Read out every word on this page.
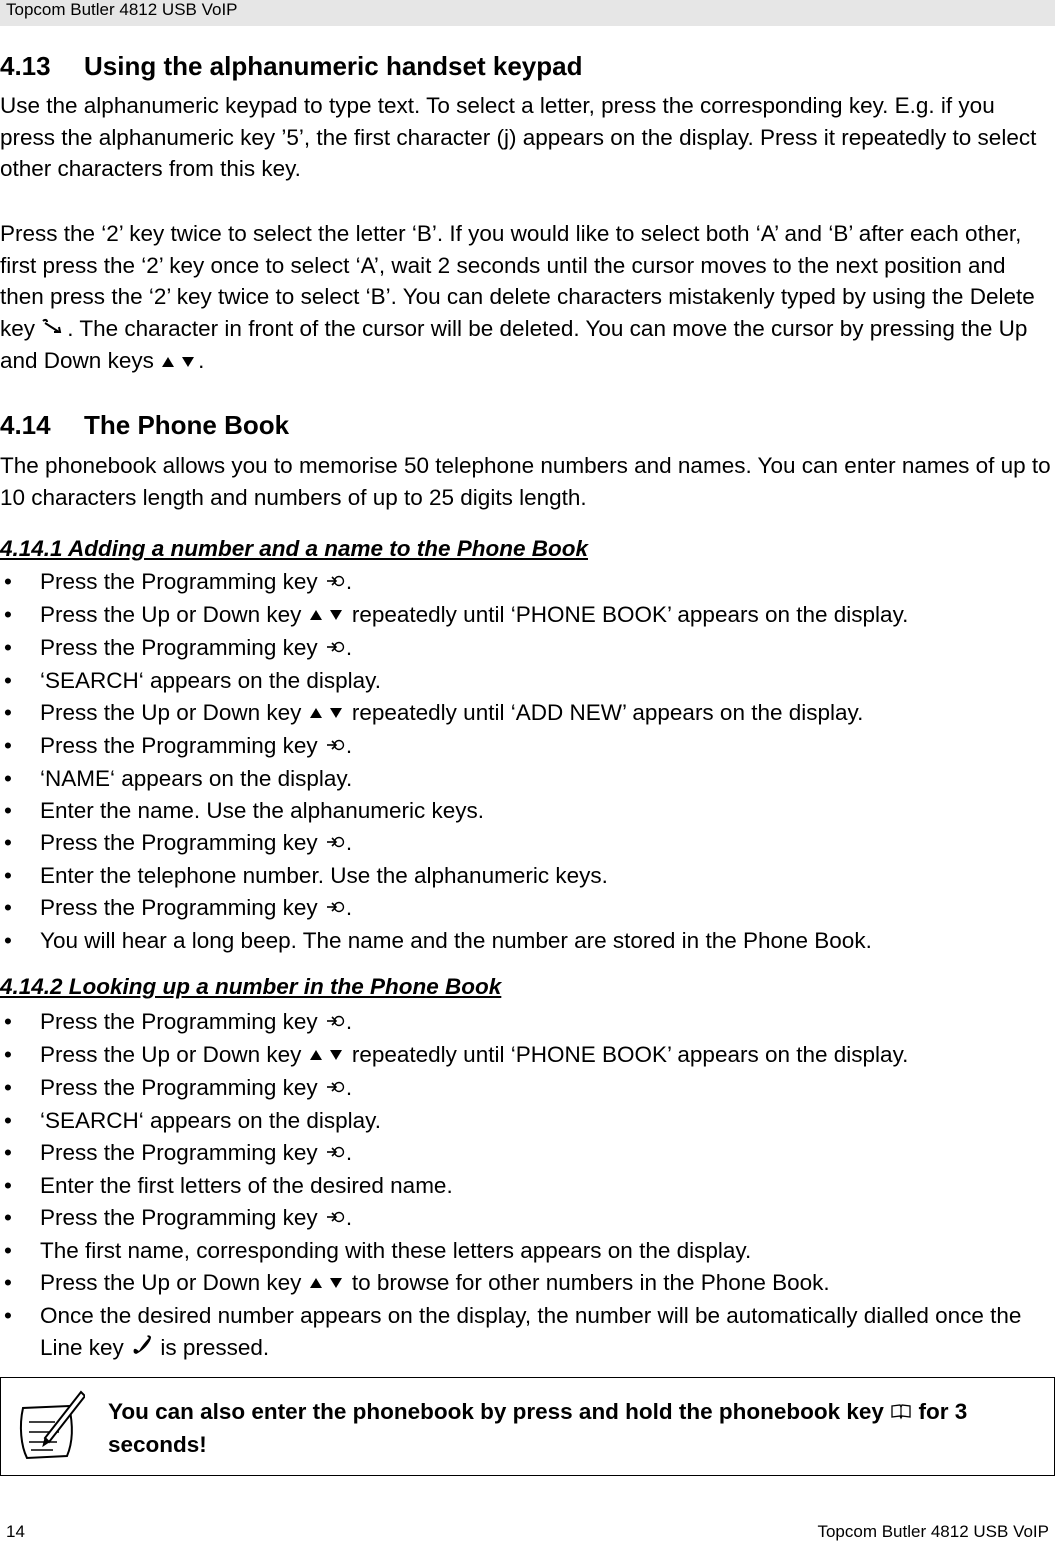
Topcom Butler 4812 USB VoIP
4.13 Using the alphanumeric handset keypad
Use the alphanumeric keypad to type text. To select a letter, press the corresponding key. E.g. if you press the alphanumeric key ’5’, the first character (j) appears on the display. Press it repeatedly to select other characters from this key.
Press the ‘2’ key twice to select the letter ‘B’. If you would like to select both ‘A’ and ‘B’ after each other, first press the ‘2’ key once to select ‘A’, wait 2 seconds until the cursor moves to the next position and then press the ‘2’ key twice to select ‘B’. You can delete characters mistakenly typed by using the Delete key . The character in front of the cursor will be deleted. You can move the cursor by pressing the Up and Down keys .
4.14 The Phone Book
The phonebook allows you to memorise 50 telephone numbers and names. You can enter names of up to 10 characters length and numbers of up to 25 digits length.
4.14.1 Adding a number and a name to the Phone Book
• Press the Programming key .
• Press the Up or Down key  repeatedly until ‘PHONE BOOK’ appears on the display.
• Press the Programming key .
• ‘SEARCH‘ appears on the display.
• Press the Up or Down key  repeatedly until ‘ADD NEW’ appears on the display.
• Press the Programming key .
• ‘NAME‘ appears on the display.
• Enter the name. Use the alphanumeric keys.
• Press the Programming key .
• Enter the telephone number. Use the alphanumeric keys.
• Press the Programming key .
• You will hear a long beep. The name and the number are stored in the Phone Book.
4.14.2 Looking up a number in the Phone Book
• Press the Programming key .
• Press the Up or Down key  repeatedly until ‘PHONE BOOK’ appears on the display.
• Press the Programming key .
• ‘SEARCH‘ appears on the display.
• Press the Programming key .
• Enter the first letters of the desired name.
• Press the Programming key .
• The first name, corresponding with these letters appears on the display.
• Press the Up or Down key  to browse for other numbers in the Phone Book.
• Once the desired number appears on the display, the number will be automatically dialled once the Line key  is pressed.
You can also enter the phonebook by press and hold the phonebook key  for 3 seconds!
14	Topcom Butler 4812 USB VoIP
